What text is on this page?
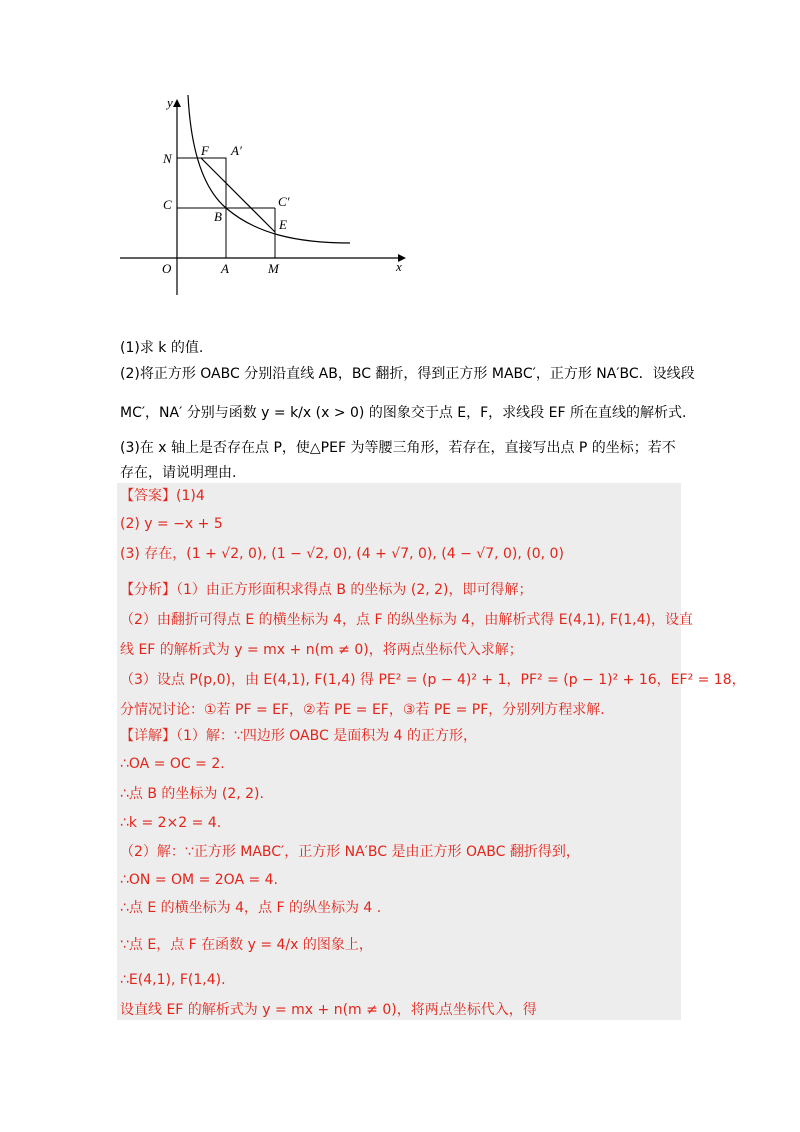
y
x
O	A	M
N
C
F A′
B
C′
E
(1)求 k 的值.
(2)将正方形 OABC 分别沿直线 AB，BC 翻折，得到正方形 MABC′，正方形 NA′BC．设线段
MC′，NA′ 分别与函数 y = k/x (x > 0) 的图象交于点 E，F，求线段 EF 所在直线的解析式.
(3)在 x 轴上是否存在点 P，使△PEF 为等腰三角形，若存在，直接写出点 P 的坐标；若不
存在，请说明理由.
【答案】(1)4
(2) y = −x + 5
(3) 存在，(1 + √2, 0), (1 − √2, 0), (4 + √7, 0), (4 − √7, 0), (0, 0)
【分析】（1）由正方形面积求得点 B 的坐标为 (2, 2)，即可得解；
（2）由翻折可得点 E 的横坐标为 4，点 F 的纵坐标为 4，由解析式得 E(4,1), F(1,4)，设直
线 EF 的解析式为 y = mx + n(m ≠ 0)，将两点坐标代入求解；
（3）设点 P(p,0)，由 E(4,1), F(1,4) 得 PE² = (p − 4)² + 1，PF² = (p − 1)² + 16，EF² = 18，
分情况讨论：①若 PF = EF，②若 PE = EF，③若 PE = PF，分别列方程求解.
【详解】（1）解：∵四边形 OABC 是面积为 4 的正方形，
∴OA = OC = 2.
∴点 B 的坐标为 (2, 2).
∴k = 2×2 = 4.
（2）解：∵正方形 MABC′，正方形 NA′BC 是由正方形 OABC 翻折得到，
∴ON = OM = 2OA = 4.
∴点 E 的横坐标为 4，点 F 的纵坐标为 4 .
∵点 E，点 F 在函数 y = 4/x 的图象上，
∴E(4,1), F(1,4).
设直线 EF 的解析式为 y = mx + n(m ≠ 0)，将两点坐标代入，得
